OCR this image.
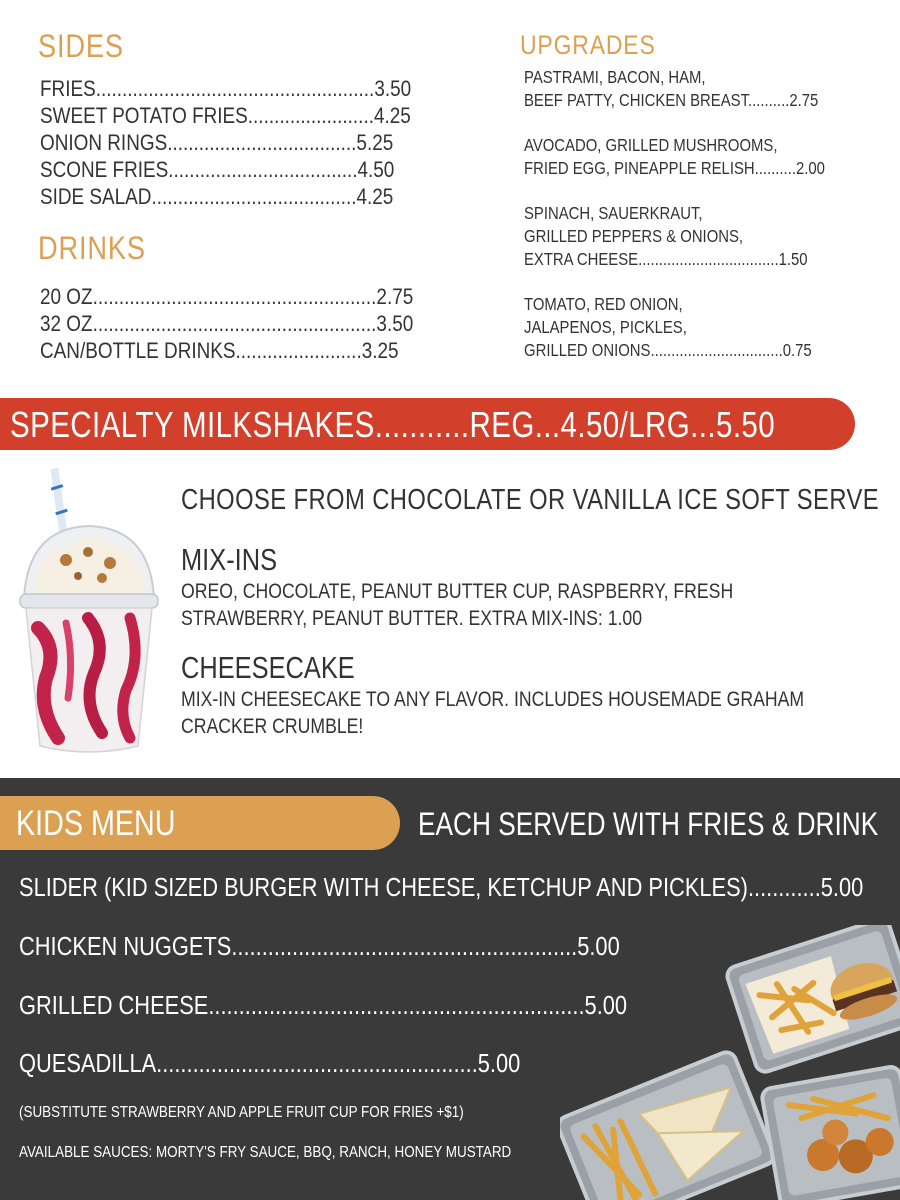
SIDES
FRIES.....................................................3.50
SWEET POTATO FRIES........................4.25
ONION RINGS....................................5.25
SCONE FRIES....................................4.50
SIDE SALAD.......................................4.25
DRINKS
20 OZ......................................................2.75
32 OZ......................................................3.50
CAN/BOTTLE DRINKS........................3.25
UPGRADES
PASTRAMI, BACON, HAM,
BEEF PATTY, CHICKEN BREAST..........2.75
AVOCADO, GRILLED MUSHROOMS,
FRIED EGG, PINEAPPLE RELISH..........2.00
SPINACH, SAUERKRAUT,
GRILLED PEPPERS & ONIONS,
EXTRA CHEESE..................................1.50
TOMATO, RED ONION,
JALAPENOS, PICKLES,
GRILLED ONIONS................................0.75
SPECIALTY MILKSHAKES...........REG...4.50/LRG...5.50
CHOOSE FROM CHOCOLATE OR VANILLA ICE SOFT SERVE
MIX-INS
OREO, CHOCOLATE, PEANUT BUTTER CUP, RASPBERRY, FRESH
STRAWBERRY, PEANUT BUTTER. EXTRA MIX-INS: 1.00
CHEESECAKE
MIX-IN CHEESECAKE TO ANY FLAVOR. INCLUDES HOUSEMADE GRAHAM
CRACKER CRUMBLE!
KIDS MENU	EACH SERVED WITH FRIES & DRINK
SLIDER (KID SIZED BURGER WITH CHEESE, KETCHUP AND PICKLES)............5.00
CHICKEN NUGGETS.........................................................5.00
GRILLED CHEESE..............................................................5.00
QUESADILLA.....................................................5.00
(SUBSTITUTE STRAWBERRY AND APPLE FRUIT CUP FOR FRIES +$1)
AVAILABLE SAUCES: MORTY'S FRY SAUCE, BBQ, RANCH, HONEY MUSTARD
